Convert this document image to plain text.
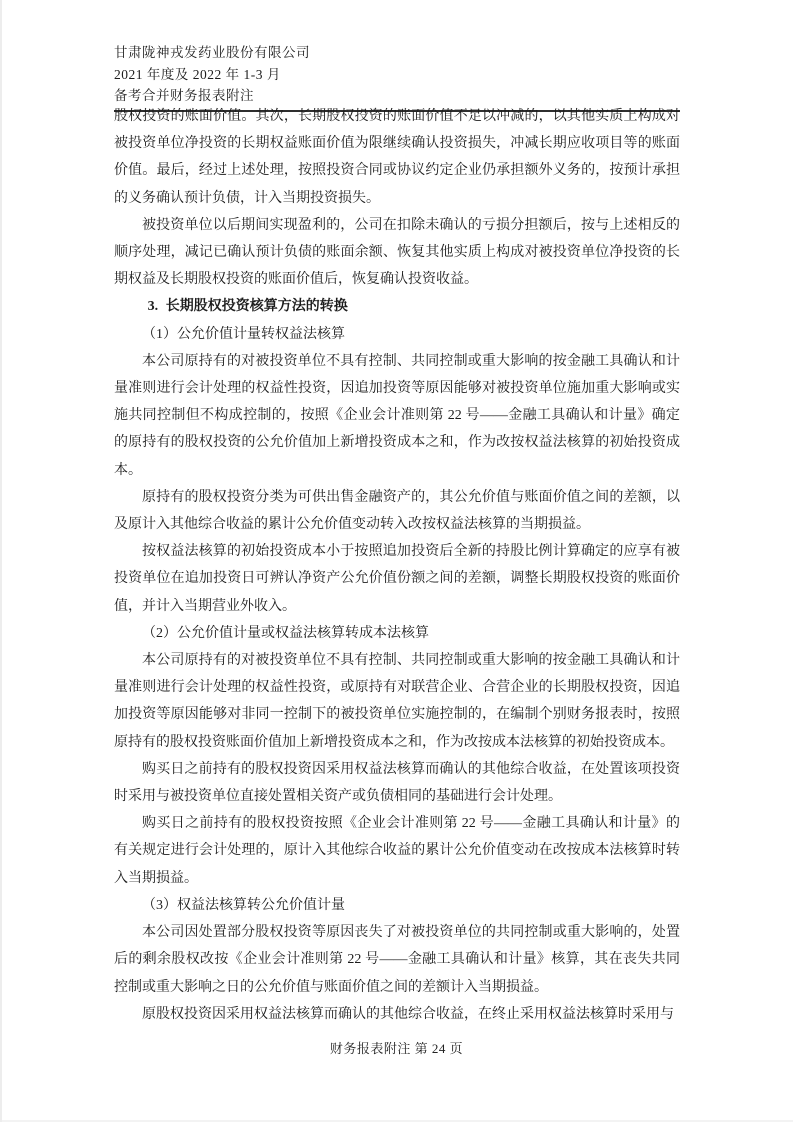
甘肃陇神戎发药业股份有限公司
2021 年度及 2022 年 1-3 月
备考合并财务报表附注

股权投资的账面价值。其次，长期股权投资的账面价值不足以冲减的，以其他实质上构成对被投资单位净投资的长期权益账面价值为限继续确认投资损失，冲减长期应收项目等的账面价值。最后，经过上述处理，按照投资合同或协议约定企业仍承担额外义务的，按预计承担的义务确认预计负债，计入当期投资损失。

被投资单位以后期间实现盈利的，公司在扣除未确认的亏损分担额后，按与上述相反的顺序处理，减记已确认预计负债的账面余额、恢复其他实质上构成对被投资单位净投资的长期权益及长期股权投资的账面价值后，恢复确认投资收益。

3. 长期股权投资核算方法的转换

（1）公允价值计量转权益法核算

本公司原持有的对被投资单位不具有控制、共同控制或重大影响的按金融工具确认和计量准则进行会计处理的权益性投资，因追加投资等原因能够对被投资单位施加重大影响或实施共同控制但不构成控制的，按照《企业会计准则第 22 号——金融工具确认和计量》确定的原持有的股权投资的公允价值加上新增投资成本之和，作为改按权益法核算的初始投资成本。

原持有的股权投资分类为可供出售金融资产的，其公允价值与账面价值之间的差额，以及原计入其他综合收益的累计公允价值变动转入改按权益法核算的当期损益。

按权益法核算的初始投资成本小于按照追加投资后全新的持股比例计算确定的应享有被投资单位在追加投资日可辨认净资产公允价值份额之间的差额，调整长期股权投资的账面价值，并计入当期营业外收入。

（2）公允价值计量或权益法核算转成本法核算

本公司原持有的对被投资单位不具有控制、共同控制或重大影响的按金融工具确认和计量准则进行会计处理的权益性投资，或原持有对联营企业、合营企业的长期股权投资，因追加投资等原因能够对非同一控制下的被投资单位实施控制的，在编制个别财务报表时，按照原持有的股权投资账面价值加上新增投资成本之和，作为改按成本法核算的初始投资成本。

购买日之前持有的股权投资因采用权益法核算而确认的其他综合收益，在处置该项投资时采用与被投资单位直接处置相关资产或负债相同的基础进行会计处理。

购买日之前持有的股权投资按照《企业会计准则第 22 号——金融工具确认和计量》的有关规定进行会计处理的，原计入其他综合收益的累计公允价值变动在改按成本法核算时转入当期损益。

（3）权益法核算转公允价值计量

本公司因处置部分股权投资等原因丧失了对被投资单位的共同控制或重大影响的，处置后的剩余股权改按《企业会计准则第 22 号——金融工具确认和计量》核算，其在丧失共同控制或重大影响之日的公允价值与账面价值之间的差额计入当期损益。

原股权投资因采用权益法核算而确认的其他综合收益，在终止采用权益法核算时采用与

财务报表附注 第 24 页
